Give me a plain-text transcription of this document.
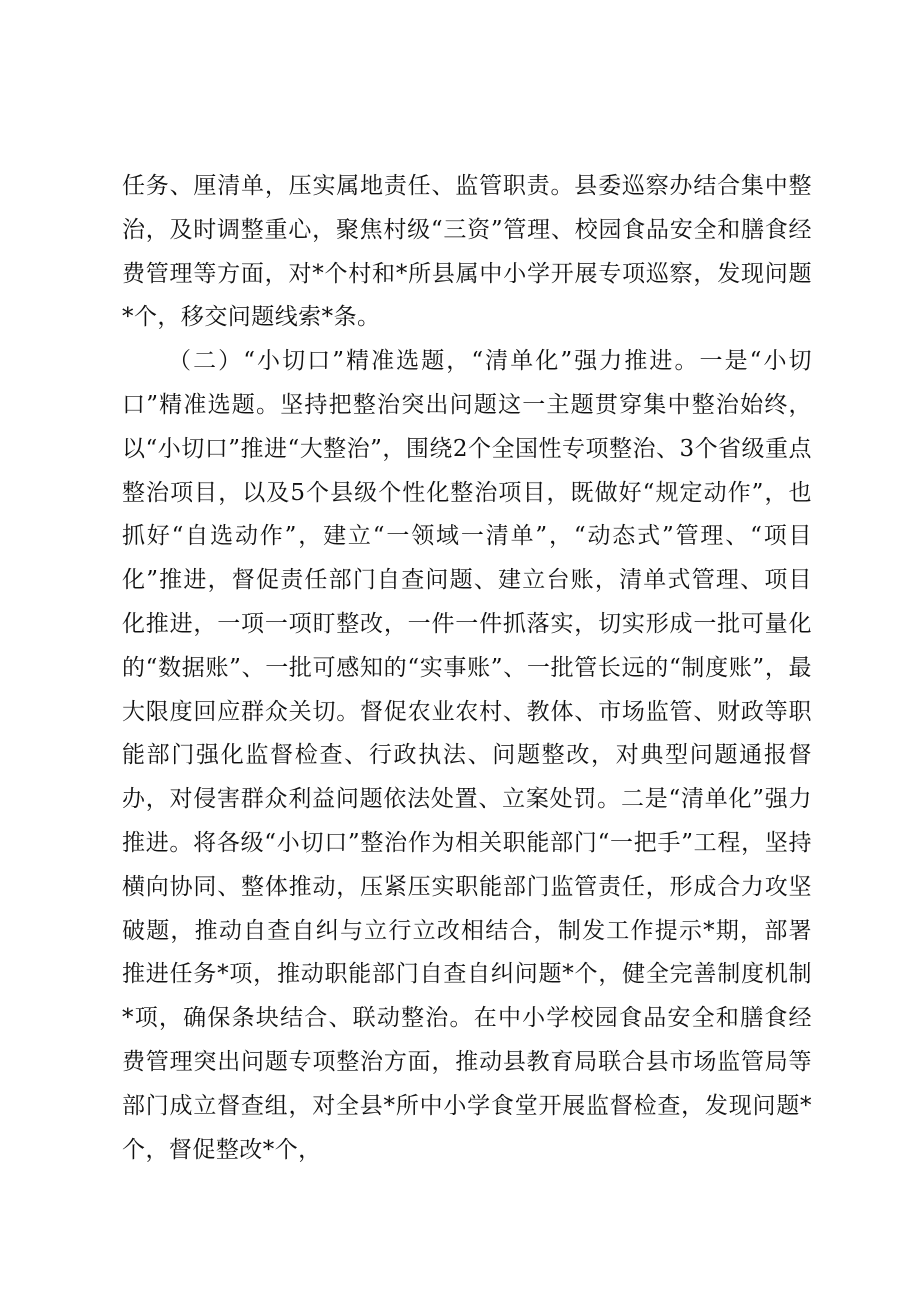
任务、厘清单，压实属地责任、监管职责。县委巡察办结合集中整治，及时调整重心，聚焦村级“三资”管理、校园食品安全和膳食经费管理等方面，对*个村和*所县属中小学开展专项巡察，发现问题*个，移交问题线索*条。

（二）“小切口”精准选题，“清单化”强力推进。一是“小切口”精准选题。坚持把整治突出问题这一主题贯穿集中整治始终，以“小切口”推进“大整治”，围绕2个全国性专项整治、3个省级重点整治项目，以及5个县级个性化整治项目，既做好“规定动作”，也抓好“自选动作”，建立“一领域一清单”，“动态式”管理、“项目化”推进，督促责任部门自查问题、建立台账，清单式管理、项目化推进，一项一项盯整改，一件一件抓落实，切实形成一批可量化的“数据账”、一批可感知的“实事账”、一批管长远的“制度账”，最大限度回应群众关切。督促农业农村、教体、市场监管、财政等职能部门强化监督检查、行政执法、问题整改，对典型问题通报督办，对侵害群众利益问题依法处置、立案处罚。二是“清单化”强力推进。将各级“小切口”整治作为相关职能部门“一把手”工程，坚持横向协同、整体推动，压紧压实职能部门监管责任，形成合力攻坚破题，推动自查自纠与立行立改相结合，制发工作提示*期，部署推进任务*项，推动职能部门自查自纠问题*个，健全完善制度机制*项，确保条块结合、联动整治。在中小学校园食品安全和膳食经费管理突出问题专项整治方面，推动县教育局联合县市场监管局等部门成立督查组，对全县*所中小学食堂开展监督检查，发现问题*个，督促整改*个，
